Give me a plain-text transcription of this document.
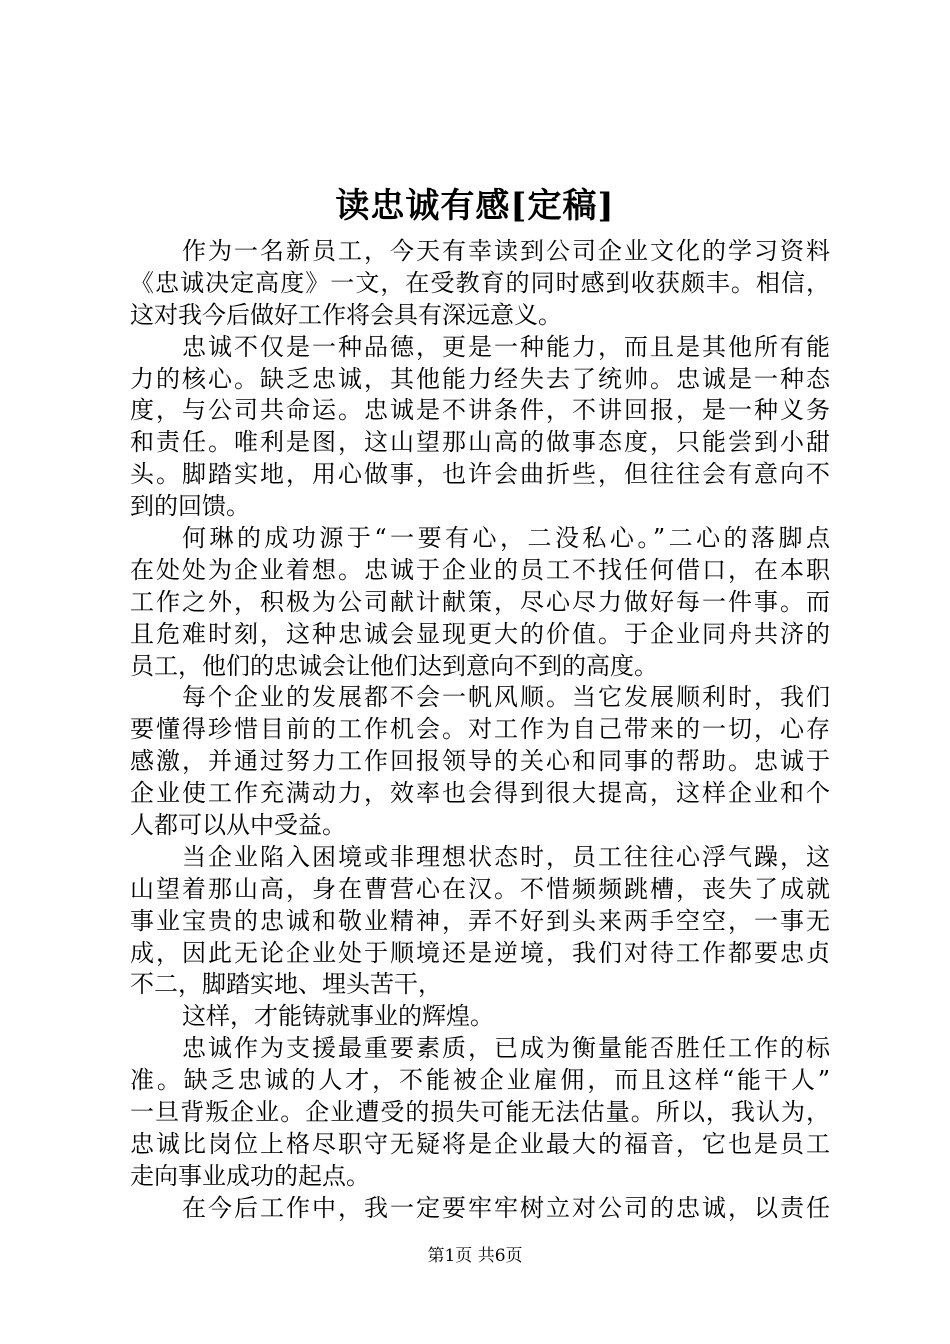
读忠诚有感[定稿]
作为一名新员工，今天有幸读到公司企业文化的学习资料
《忠诚决定高度》一文，在受教育的同时感到收获颇丰。相信，
这对我今后做好工作将会具有深远意义。
忠诚不仅是一种品德，更是一种能力，而且是其他所有能
力的核心。缺乏忠诚，其他能力经失去了统帅。忠诚是一种态
度，与公司共命运。忠诚是不讲条件，不讲回报，是一种义务
和责任。唯利是图，这山望那山高的做事态度，只能尝到小甜
头。脚踏实地，用心做事，也许会曲折些，但往往会有意向不
到的回馈。
何琳的成功源于“一要有心，二没私心。”二心的落脚点
在处处为企业着想。忠诚于企业的员工不找任何借口，在本职
工作之外，积极为公司献计献策，尽心尽力做好每一件事。而
且危难时刻，这种忠诚会显现更大的价值。于企业同舟共济的
员工，他们的忠诚会让他们达到意向不到的高度。
每个企业的发展都不会一帆风顺。当它发展顺利时，我们
要懂得珍惜目前的工作机会。对工作为自己带来的一切，心存
感激，并通过努力工作回报领导的关心和同事的帮助。忠诚于
企业使工作充满动力，效率也会得到很大提高，这样企业和个
人都可以从中受益。
当企业陷入困境或非理想状态时，员工往往心浮气躁，这
山望着那山高，身在曹营心在汉。不惜频频跳槽，丧失了成就
事业宝贵的忠诚和敬业精神，弄不好到头来两手空空，一事无
成，因此无论企业处于顺境还是逆境，我们对待工作都要忠贞
不二，脚踏实地、埋头苦干，
这样，才能铸就事业的辉煌。
忠诚作为支援最重要素质，已成为衡量能否胜任工作的标
准。缺乏忠诚的人才，不能被企业雇佣，而且这样“能干人”
一旦背叛企业。企业遭受的损失可能无法估量。所以，我认为，
忠诚比岗位上格尽职守无疑将是企业最大的福音，它也是员工
走向事业成功的起点。
在今后工作中，我一定要牢牢树立对公司的忠诚，以责任
第1页 共6页
